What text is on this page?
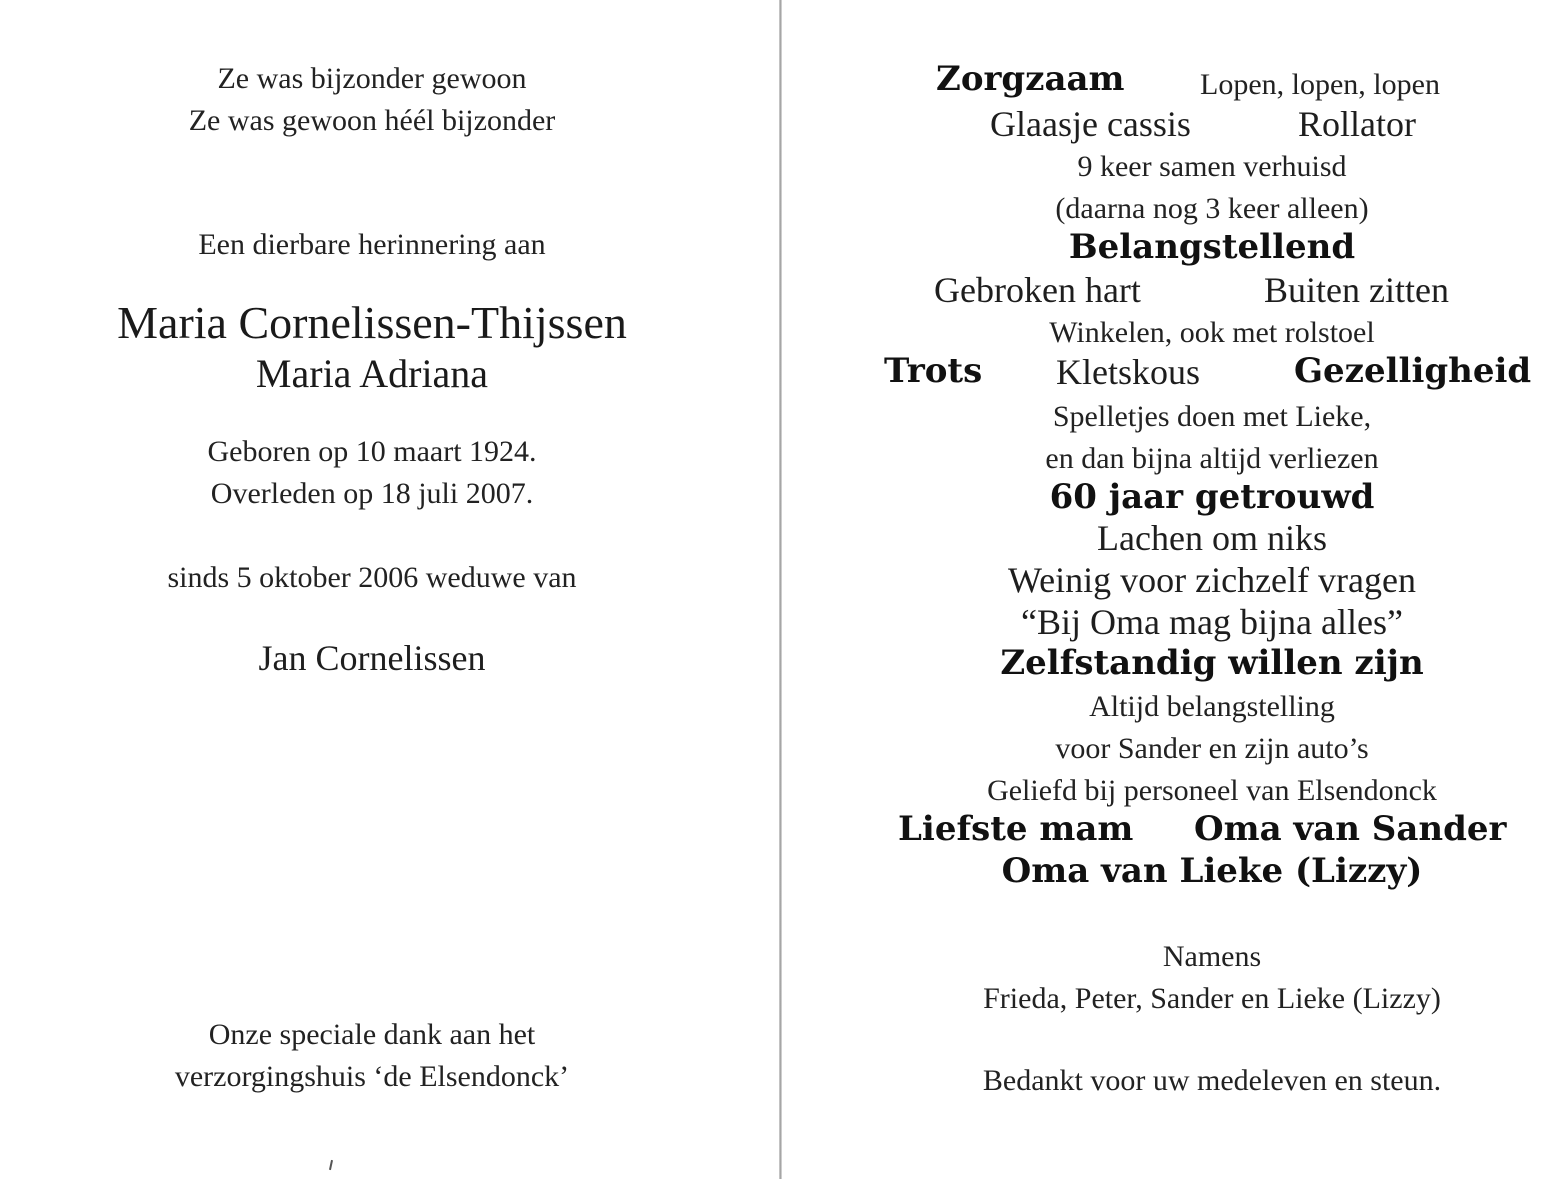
Ze was bijzonder gewoon
Ze was gewoon héél bijzonder
Een dierbare herinnering aan
Maria Cornelissen-Thijssen
Maria Adriana
Geboren op 10 maart 1924.
Overleden op 18 juli 2007.
sinds 5 oktober 2006 weduwe van
Jan Cornelissen
Onze speciale dank aan het
verzorgingshuis ‘de Elsendonck’
Zorgzaam	Lopen, lopen, lopen
Glaasje cassis	Rollator
9 keer samen verhuisd
(daarna nog 3 keer alleen)
Belangstellend
Gebroken hart	Buiten zitten
Winkelen, ook met rolstoel
Trots Kletskous	Gezelligheid
Spelletjes doen met Lieke,
en dan bijna altijd verliezen
60 jaar getrouwd
Lachen om niks
Weinig voor zichzelf vragen
“Bij Oma mag bijna alles”
Zelfstandig willen zijn
Altijd belangstelling
voor Sander en zijn auto’s
Geliefd bij personeel van Elsendonck
Liefste mam Oma van Sander
Oma van Lieke (Lizzy)
Namens
Frieda, Peter, Sander en Lieke (Lizzy)
Bedankt voor uw medeleven en steun.
